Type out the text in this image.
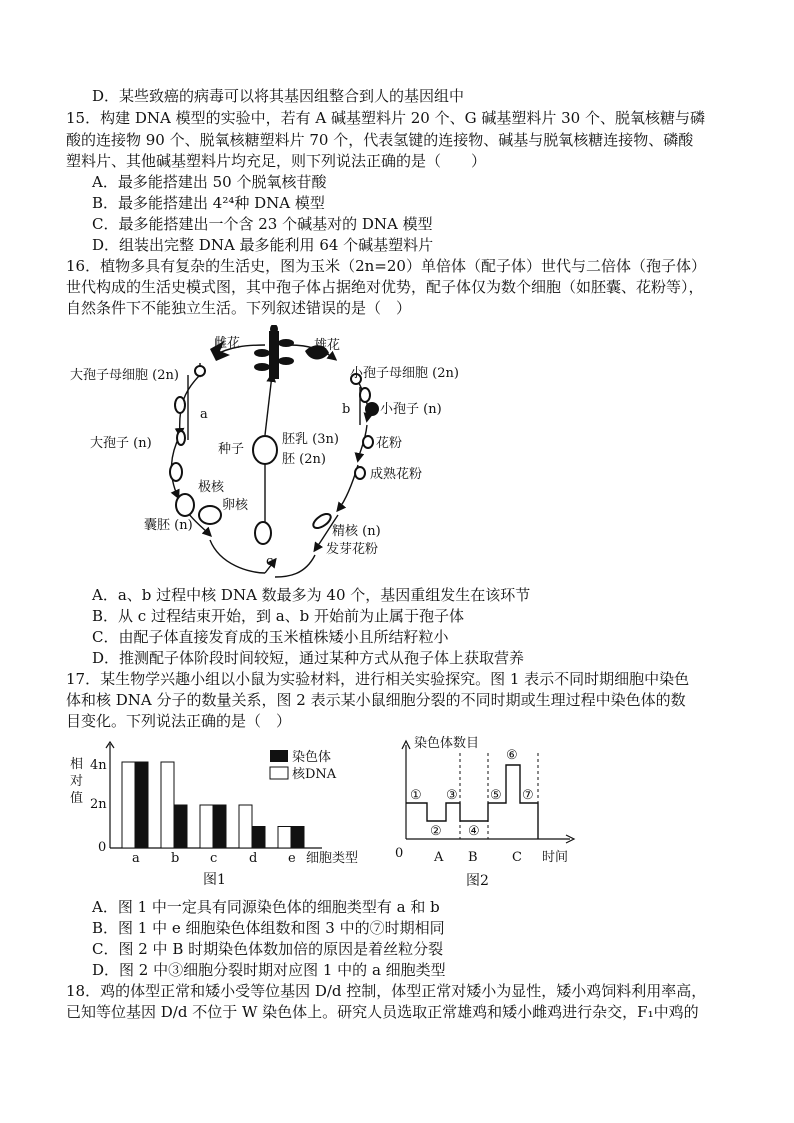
D．某些致癌的病毒可以将其基因组整合到人的基因组中
15．构建 DNA 模型的实验中，若有 A 碱基塑料片 20 个、G 碱基塑料片 30 个、脱氧核糖与磷
酸的连接物 90 个、脱氧核糖塑料片 70 个，代表氢键的连接物、碱基与脱氧核糖连接物、磷酸
塑料片、其他碱基塑料片均充足，则下列说法正确的是（　　）
A．最多能搭建出 50 个脱氧核苷酸
B．最多能搭建出 4²⁴种 DNA 模型
C．最多能搭建出一个含 23 个碱基对的 DNA 模型
D．组装出完整 DNA 最多能利用 64 个碱基塑料片
16．植物多具有复杂的生活史，图为玉米（2n=20）单倍体（配子体）世代与二倍体（孢子体）
世代构成的生活史模式图，其中孢子体占据绝对优势，配子体仅为数个细胞（如胚囊、花粉等），
自然条件下不能独立生活。下列叙述错误的是（　）
雌花	雄花
大孢子母细胞 (2n)	小孢子母细胞 (2n)
大孢子 (n)
小孢子 (n)
花粉
成熟花粉
种子
胚乳 (3n)
胚 (2n)
极核
卵核
囊胚 (n)	精核 (n)
发芽花粉
a	b
c
A．a、b 过程中核 DNA 数最多为 40 个，基因重组发生在该环节
B．从 c 过程结束开始，到 a、b 开始前为止属于孢子体
C．由配子体直接发育成的玉米植株矮小且所结籽粒小
D．推测配子体阶段时间较短，通过某种方式从孢子体上获取营养
17．某生物学兴趣小组以小鼠为实验材料，进行相关实验探究。图 1 表示不同时期细胞中染色
体和核 DNA 分子的数量关系，图 2 表示某小鼠细胞分裂的不同时期或生理过程中染色体的数
目变化。下列说法正确的是（　）
相
对
值
4n
2n
0
a b c d e
染色体
核DNA
细胞类型
图1
染色体数目
0 A B	C 时间
①
②
③
④
⑤
⑥
⑦
图2
A．图 1 中一定具有同源染色体的细胞类型有 a 和 b
B．图 1 中 e 细胞染色体组数和图 3 中的⑦时期相同
C．图 2 中 B 时期染色体数加倍的原因是着丝粒分裂
D．图 2 中③细胞分裂时期对应图 1 中的 a 细胞类型
18．鸡的体型正常和矮小受等位基因 D/d 控制，体型正常对矮小为显性，矮小鸡饲料利用率高，
已知等位基因 D/d 不位于 W 染色体上。研究人员选取正常雄鸡和矮小雌鸡进行杂交，F₁中鸡的
